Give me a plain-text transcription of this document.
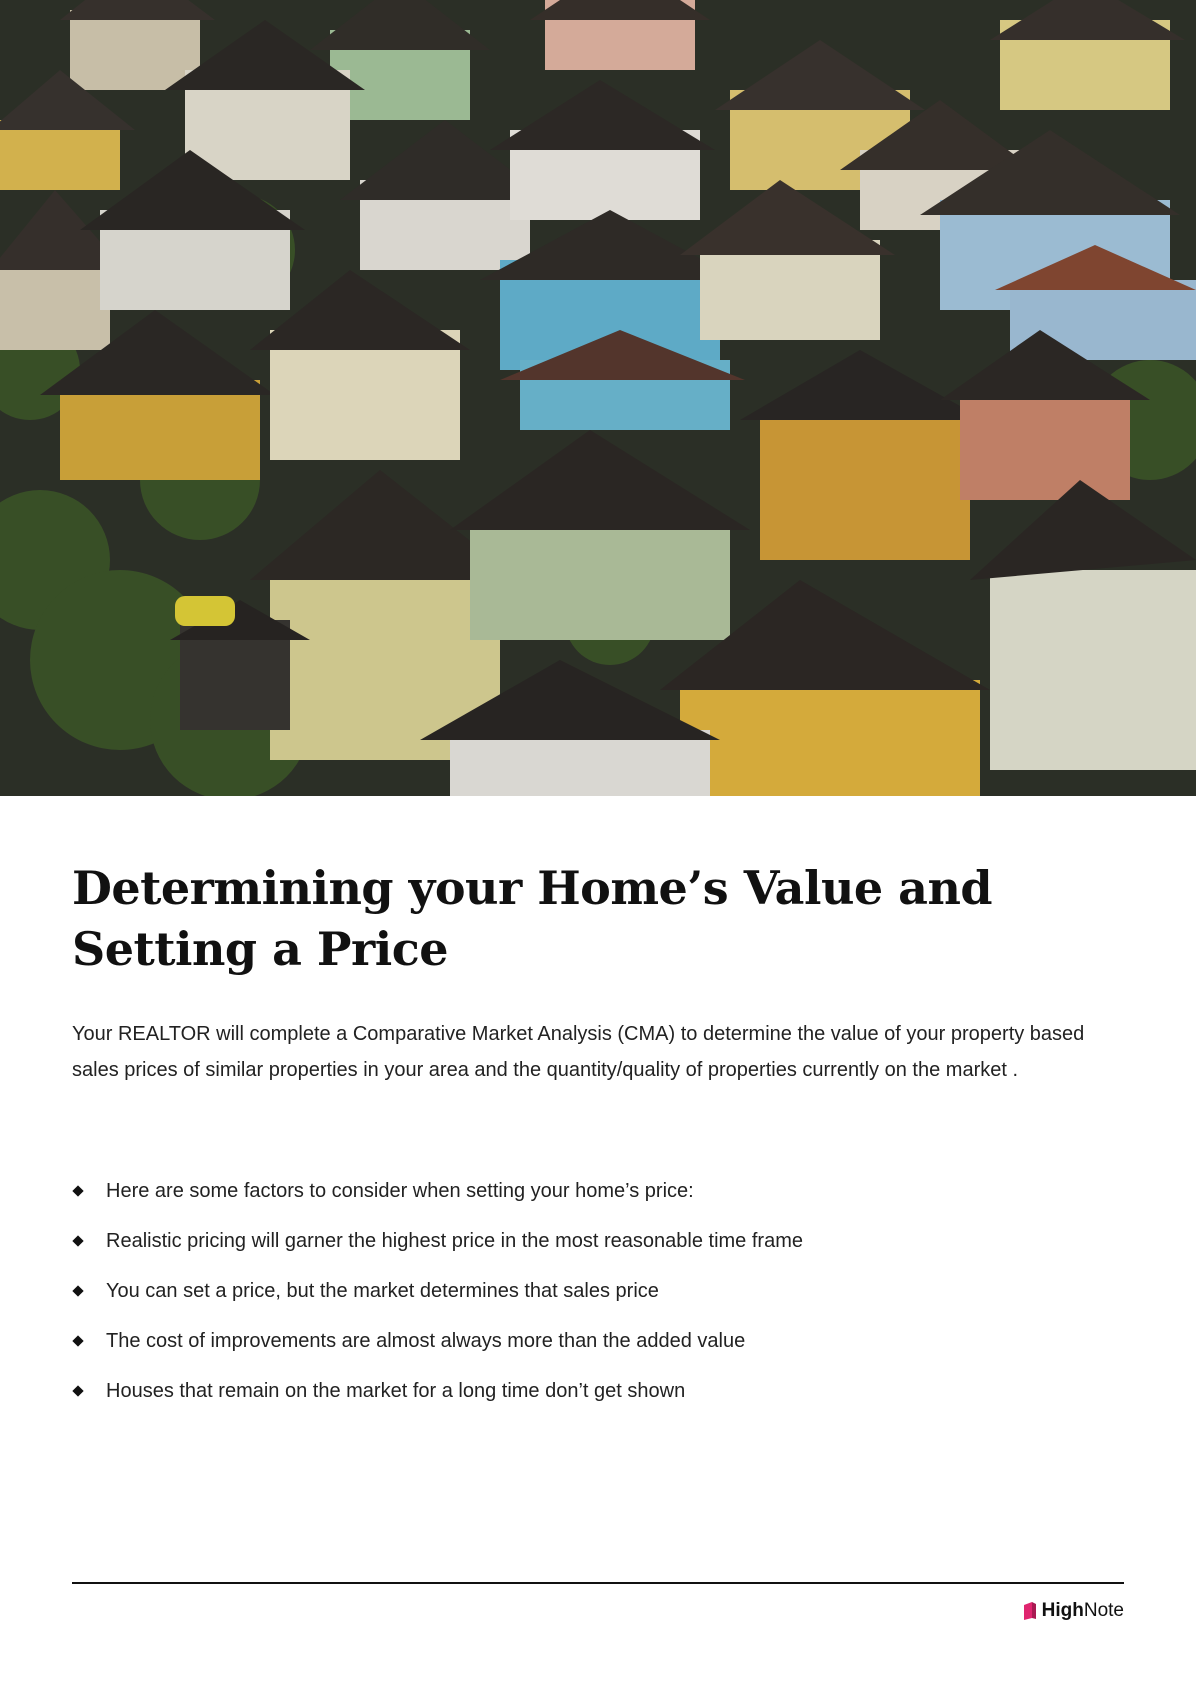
Determining your Home’s Value and
Setting a Price

Your REALTOR will complete a Comparative Market Analysis (CMA) to determine the value of your property based sales prices of similar properties in your area and the quantity/quality of properties currently on the market .

Here are some factors to consider when setting your home’s price:
Realistic pricing will garner the highest price in the most reasonable time frame
You can set a price, but the market determines that sales price
The cost of improvements are almost always more than the added value
Houses that remain on the market for a long time don’t get shown
High Note
